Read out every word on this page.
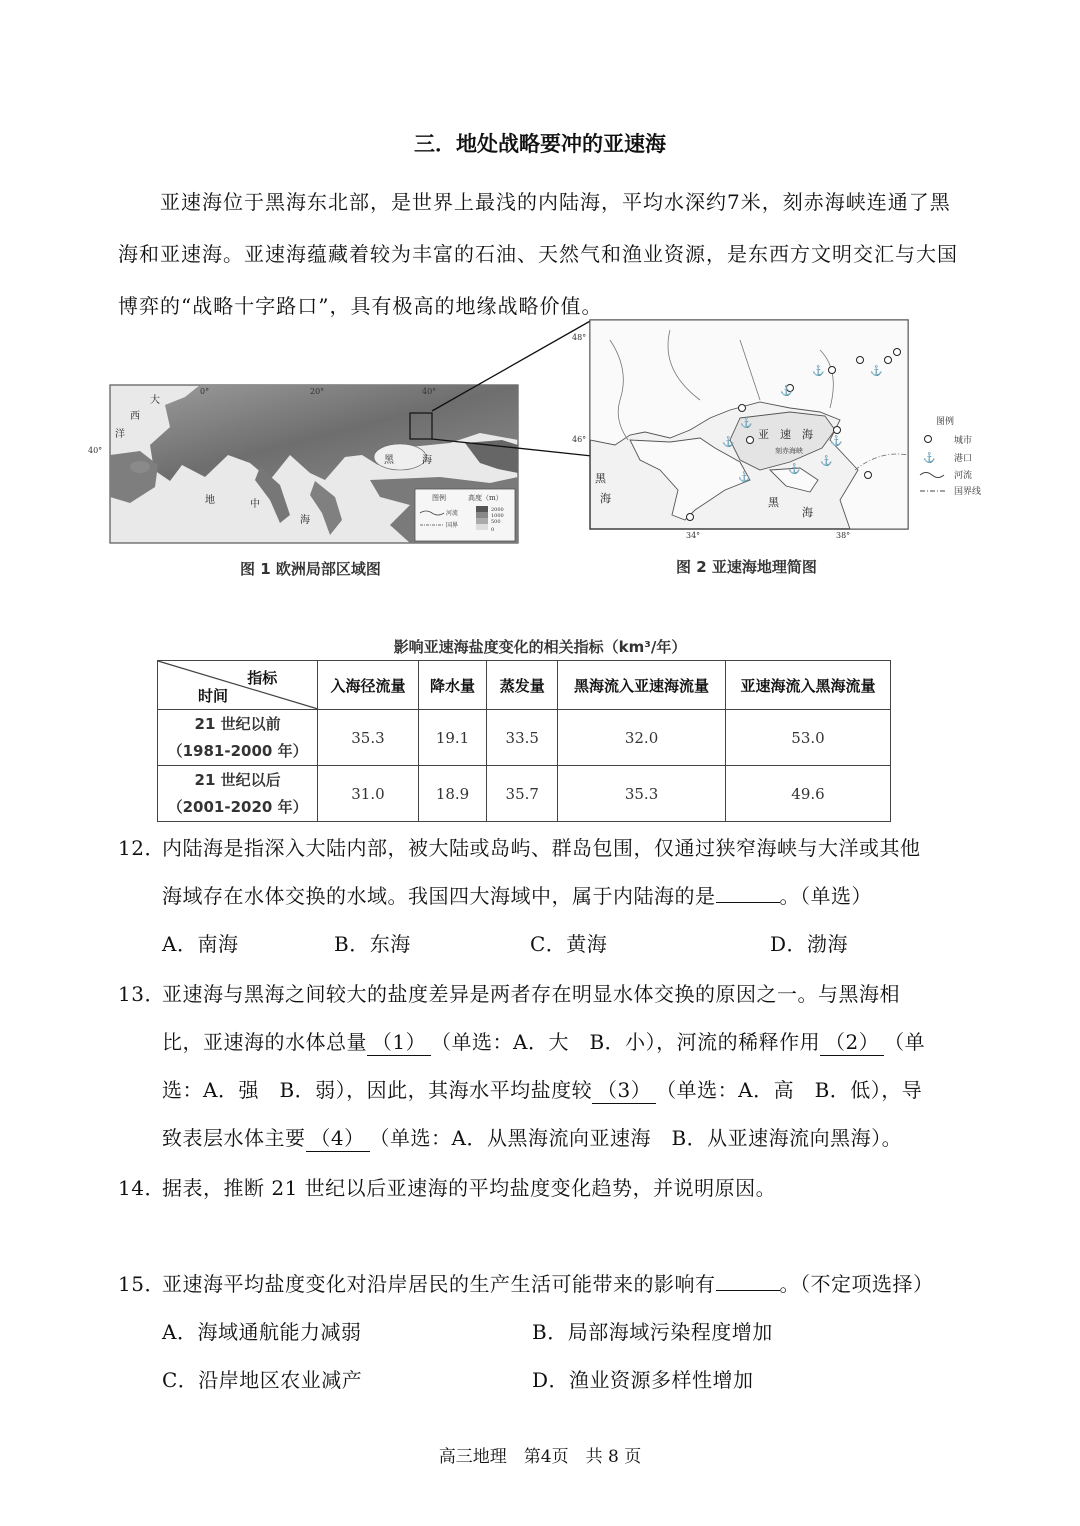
三．地处战略要冲的亚速海
亚速海位于黑海东北部，是世界上最浅的内陆海，平均水深约7米，刻赤海峡连通了黑海和亚速海。亚速海蕴藏着较为丰富的石油、天然气和渔业资源，是东西方文明交汇与大国博弈的“战略十字路口”，具有极高的地缘战略价值。
0°	20°	40°
40°
大
西
洋
地	中
海
黑	海
图例	高度（m）
河流
国界
2000
1000
500
0
48°
46°
34°	38°
亚 速 海
刻赤海峡
黑
海	黑
海
⚓	⚓
⚓
⚓
⚓	⚓
⚓
⚓
⚓
图例
城市
⚓ 港口
河流
国界线
图 1 欧洲局部区域图	图 2 亚速海地理简图
影响亚速海盐度变化的相关指标（km³/年）
指标
时间	入海径流量	降水量	蒸发量	黑海流入亚速海流量	亚速海流入黑海流量

21 世纪以前
（1981-2000 年）	35.3	19.1	33.5	32.0	53.0

21 世纪以后
（2001-2020 年）	31.0	18.9	35.7	35.3	49.6
12．内陆海是指深入大陆内部，被大陆或岛屿、群岛包围，仅通过狭窄海峡与大洋或其他
海域存在水体交换的水域。我国四大海域中，属于内陆海的是	。（单选）
A．南海	B．东海	C．黄海	D．渤海
13．亚速海与黑海之间较大的盐度差异是两者存在明显水体交换的原因之一。与黑海相
比，亚速海的水体总量 （1） （单选：A．大　B．小），河流的稀释作用 （2） （单
选：A．强　B．弱），因此，其海水平均盐度较 （3） （单选：A．高　B．低），导
致表层水体主要 （4） （单选：A．从黑海流向亚速海　B．从亚速海流向黑海）。
14．据表，推断 21 世纪以后亚速海的平均盐度变化趋势，并说明原因。
15．亚速海平均盐度变化对沿岸居民的生产生活可能带来的影响有	。（不定项选择）
A．海域通航能力减弱	B．局部海域污染程度增加
C．沿岸地区农业减产	D．渔业资源多样性增加
高三地理　第4页　共 8 页
